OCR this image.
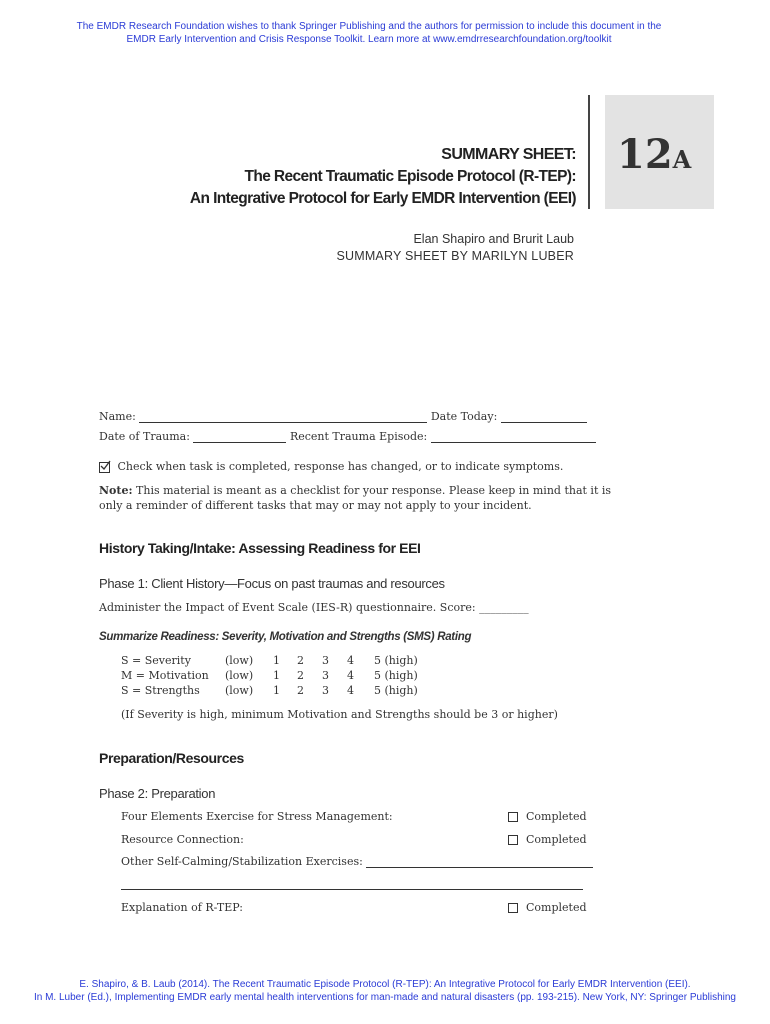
The EMDR Research Foundation wishes to thank Springer Publishing and the authors for permission to include this document in the
EMDR Early Intervention and Crisis Response Toolkit. Learn more at www.emdrresearchfoundation.org/toolkit
SUMMARY SHEET:
The Recent Traumatic Episode Protocol (R-TEP):
An Integrative Protocol for Early EMDR Intervention (EEI)
12A
Elan Shapiro and Brurit Laub
SUMMARY SHEET BY MARILYN LUBER
Name:	Date Today:
Date of Trauma:	Recent Trauma Episode:
Check when task is completed, response has changed, or to indicate symptoms.
Note: This material is meant as a checklist for your response. Please keep in mind that it is
only a reminder of different tasks that may or may not apply to your incident.
History Taking/Intake: Assessing Readiness for EEI
Phase 1: Client History—Focus on past traumas and resources
Administer the Impact of Event Scale (IES-R) questionnaire. Score: _________
Summarize Readiness: Severity, Motivation and Strengths (SMS) Rating
S = Severity	(low) 1 2 3 4 5 (high)
M = Motivation (low) 1 2 3 4 5 (high)
S = Strengths (low) 1 2 3 4 5 (high)
(If Severity is high, minimum Motivation and Strengths should be 3 or higher)
Preparation/Resources
Phase 2: Preparation
Four Elements Exercise for Stress Management:	Completed
Resource Connection:	Completed
Other Self-Calming/Stabilization Exercises:
Explanation of R-TEP:	Completed
E. Shapiro, & B. Laub (2014). The Recent Traumatic Episode Protocol (R-TEP): An Integrative Protocol for Early EMDR Intervention (EEI).
In M. Luber (Ed.), Implementing EMDR early mental health interventions for man-made and natural disasters (pp. 193-215). New York, NY: Springer Publishing
